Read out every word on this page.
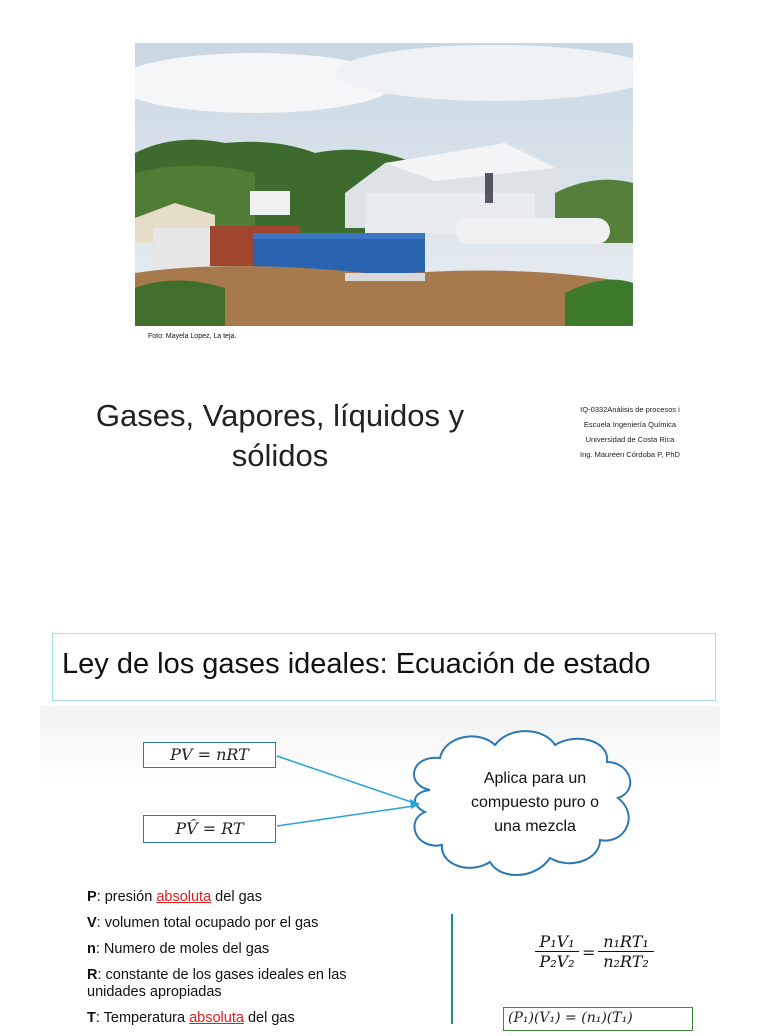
Foto: Mayela Lopez, La teja.
Gases, Vapores, líquidos y
sólidos
IQ-0332Análisis de procesos i
Escuela Ingeniería Química
Universidad de Costa Rica
Ing. Maureen Córdoba P, PhD
Ley de los gases ideales: Ecuación de estado
PV = nRT
PV̂ = RT
Aplica para un
compuesto puro o
una mezcla
P: presión absoluta del gas
V: volumen total ocupado por el gas
n: Numero de moles del gas
R: constante de los gases ideales en las unidades apropiadas
T: Temperatura absoluta del gas
P₁V₁
P₂V₂ =
n₁RT₁
n₂RT₂
(P₁)(V₁) = (n₁)(T₁)
